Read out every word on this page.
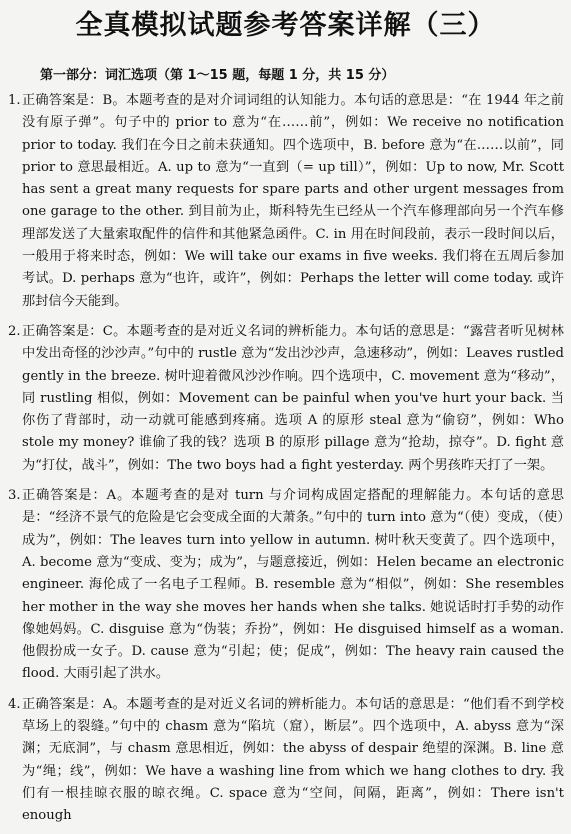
全真模拟试题参考答案详解（三）
第一部分：词汇选项（第 1～15 题，每题 1 分，共 15 分）
1. 正确答案是：B。本题考查的是对介词词组的认知能力。本句话的意思是：“在 1944 年之前没有原子弹”。句子中的 prior to 意为“在……前”，例如：We receive no notification prior to today. 我们在今日之前未获通知。四个选项中，B. before 意为“在……以前”，同 prior to 意思最相近。A. up to 意为“一直到（= up till）”，例如：Up to now, Mr. Scott has sent a great many requests for spare parts and other urgent messages from one garage to the other. 到目前为止，斯科特先生已经从一个汽车修理部向另一个汽车修理部发送了大量索取配件的信件和其他紧急函件。C. in 用在时间段前，表示一段时间以后，一般用于将来时态，例如：We will take our exams in five weeks. 我们将在五周后参加考试。D. perhaps 意为“也许，或许”，例如：Perhaps the letter will come today. 或许那封信今天能到。
2. 正确答案是：C。本题考查的是对近义名词的辨析能力。本句话的意思是：“露营者听见树林中发出奇怪的沙沙声。”句中的 rustle 意为“发出沙沙声，急速移动”，例如：Leaves rustled gently in the breeze. 树叶迎着微风沙沙作响。四个选项中，C. movement 意为“移动”，同 rustling 相似，例如：Movement can be painful when you've hurt your back. 当你伤了背部时，动一动就可能感到疼痛。选项 A 的原形 steal 意为“偷窃”，例如：Who stole my money? 谁偷了我的钱？选项 B 的原形 pillage 意为“抢劫，掠夺”。D. fight 意为“打仗，战斗”，例如：The two boys had a fight yesterday. 两个男孩昨天打了一架。
3. 正确答案是：A。本题考查的是对 turn 与介词构成固定搭配的理解能力。本句话的意思是：“经济不景气的危险是它会变成全面的大萧条。”句中的 turn into 意为“（使）变成，（使）成为”，例如：The leaves turn into yellow in autumn. 树叶秋天变黄了。四个选项中，A. become 意为“变成、变为；成为”，与题意接近，例如：Helen became an electronic engineer. 海伦成了一名电子工程师。B. resemble 意为“相似”，例如：She resembles her mother in the way she moves her hands when she talks. 她说话时打手势的动作像她妈妈。C. disguise 意为“伪装；乔扮”，例如：He disguised himself as a woman. 他假扮成一女子。D. cause 意为“引起；使；促成”，例如：The heavy rain caused the flood. 大雨引起了洪水。
4. 正确答案是：A。本题考查的是对近义名词的辨析能力。本句话的意思是：“他们看不到学校草场上的裂缝。”句中的 chasm 意为“陷坑（窟），断层”。四个选项中，A. abyss 意为“深渊；无底洞”，与 chasm 意思相近，例如：the abyss of despair 绝望的深渊。B. line 意为“绳；线”，例如：We have a washing line from which we hang clothes to dry. 我们有一根挂晾衣服的晾衣绳。C. space 意为“空间，间隔，距离”，例如：There isn't enough
